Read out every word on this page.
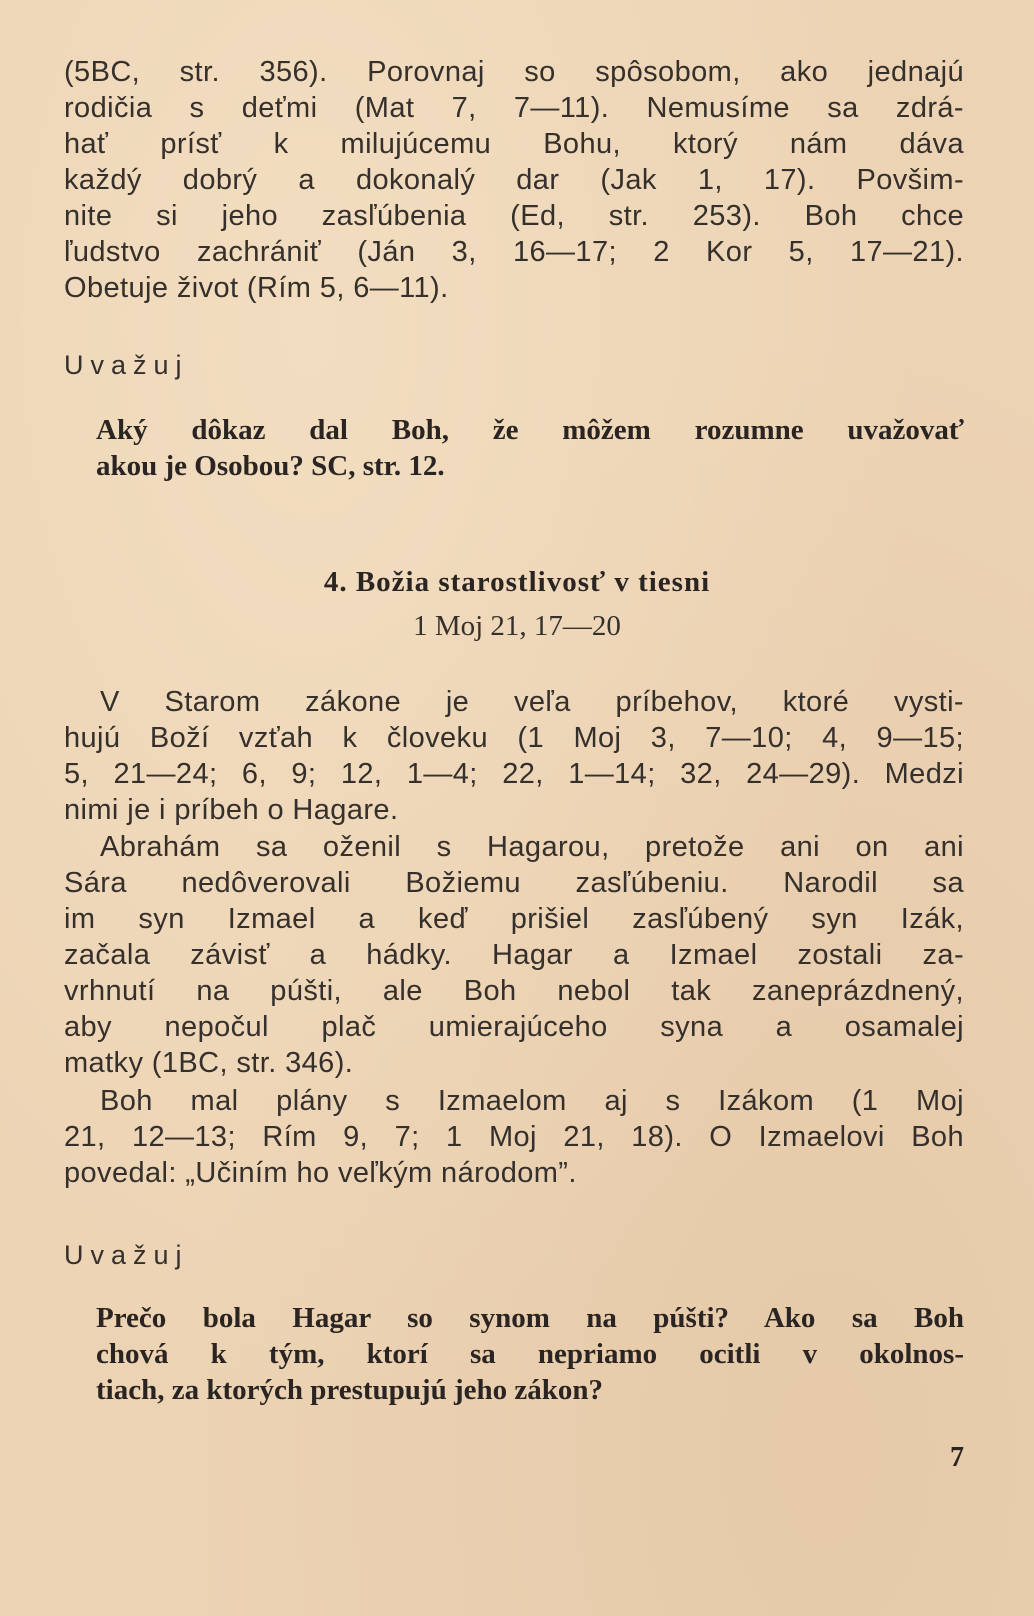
(5BC, str. 356). Porovnaj so spôsobom, ako jednajú

rodičia s deťmi (Mat 7, 7—11). Nemusíme sa zdrá-

hať prísť k milujúcemu Bohu, ktorý nám dáva

každý dobrý a dokonalý dar (Jak 1, 17). Povšim-

nite si jeho zasľúbenia (Ed, str. 253). Boh chce

ľudstvo zachrániť (Ján 3, 16—17; 2 Kor 5, 17—21).

Obetuje život (Rím 5, 6—11).

Uvažuj

Aký dôkaz dal Boh, že môžem rozumne uvažovať

akou je Osobou? SC, str. 12.

4. Božia starostlivosť v tiesni

1 Moj 21, 17—20

V Starom zákone je veľa príbehov, ktoré vysti-

hujú Boží vzťah k človeku (1 Moj 3, 7—10; 4, 9—15;

5, 21—24; 6, 9; 12, 1—4; 22, 1—14; 32, 24—29). Medzi

nimi je i príbeh o Hagare.

Abrahám sa oženil s Hagarou, pretože ani on ani

Sára nedôverovali Božiemu zasľúbeniu. Narodil sa

im syn Izmael a keď prišiel zasľúbený syn Izák,

začala závisť a hádky. Hagar a Izmael zostali za-

vrhnutí na púšti, ale Boh nebol tak zaneprázdnený,

aby nepočul plač umierajúceho syna a osamalej

matky (1BC, str. 346).

Boh mal plány s Izmaelom aj s Izákom (1 Moj

21, 12—13; Rím 9, 7; 1 Moj 21, 18). O Izmaelovi Boh

povedal: „Učiním ho veľkým národom”.

Uvažuj

Prečo bola Hagar so synom na púšti? Ako sa Boh

chová k tým, ktorí sa nepriamo ocitli v okolnos-

tiach, za ktorých prestupujú jeho zákon?

7
